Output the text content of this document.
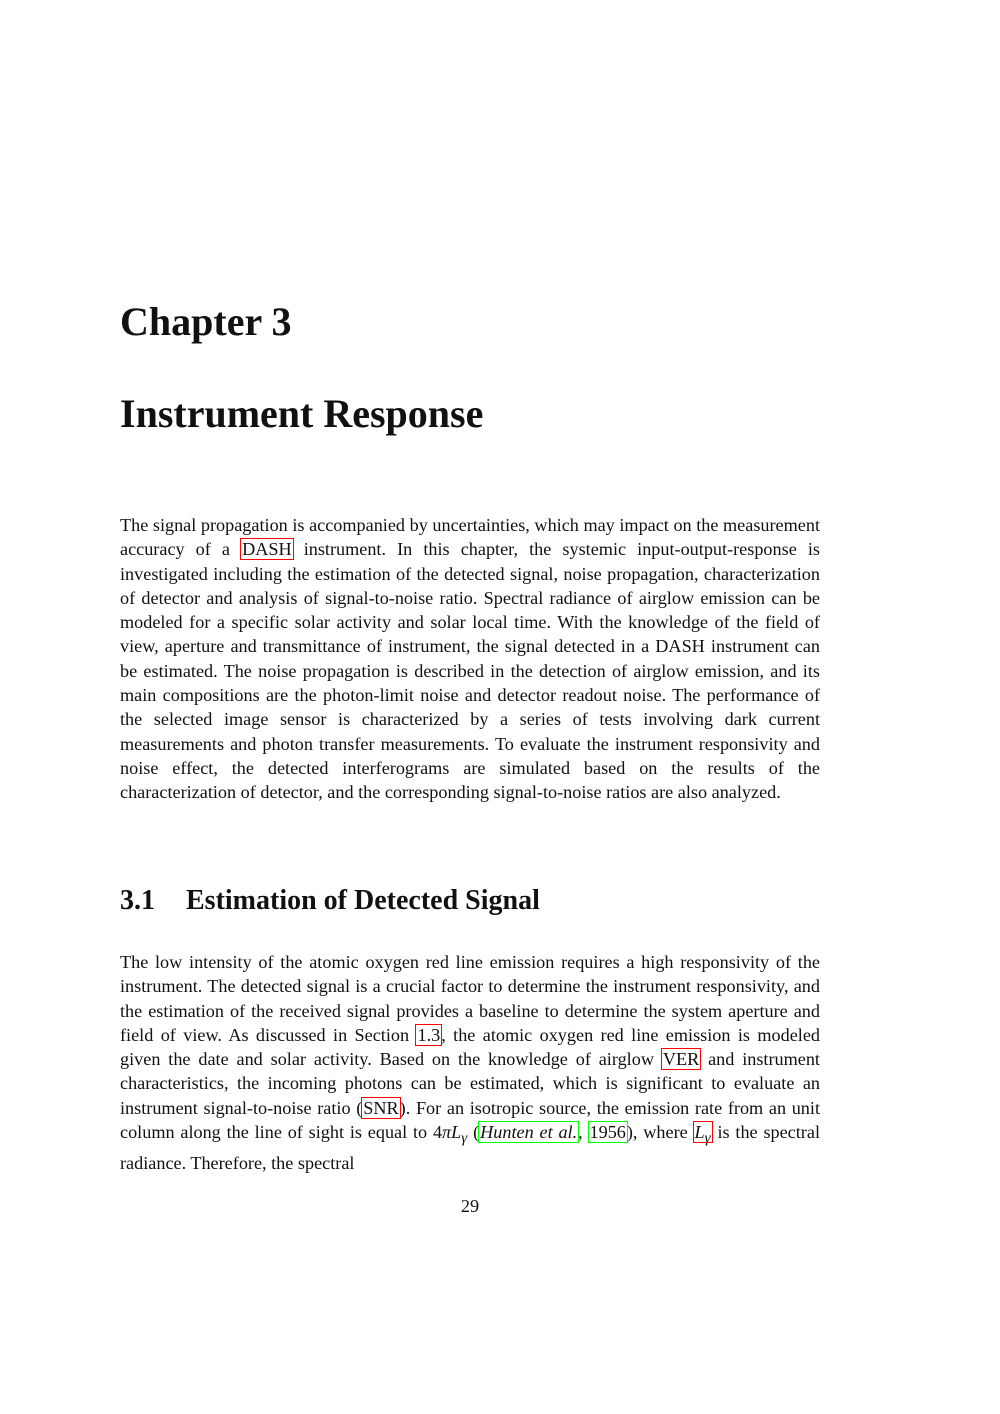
Chapter 3
Instrument Response

The signal propagation is accompanied by uncertainties, which may impact on the measurement accuracy of a DASH instrument. In this chapter, the systemic input-output-response is investigated including the estimation of the detected signal, noise propagation, characterization of detector and analysis of signal-to-noise ratio. Spectral radiance of airglow emission can be modeled for a specific solar activity and solar local time. With the knowledge of the field of view, aperture and transmittance of instrument, the signal detected in a DASH instrument can be estimated. The noise propagation is described in the detection of airglow emission, and its main compositions are the photon-limit noise and detector readout noise. The performance of the selected image sensor is characterized by a series of tests involving dark current measurements and photon transfer measurements. To evaluate the instrument responsivity and noise effect, the detected interferograms are simulated based on the results of the characterization of detector, and the corresponding signal-to-noise ratios are also analyzed.

3.1 Estimation of Detected Signal

The low intensity of the atomic oxygen red line emission requires a high responsivity of the instrument. The detected signal is a crucial factor to determine the instrument responsivity, and the estimation of the received signal provides a baseline to determine the system aperture and field of view. As discussed in Section 1.3, the atomic oxygen red line emission is modeled given the date and solar activity. Based on the knowledge of airglow VER and instrument characteristics, the incoming photons can be estimated, which is significant to evaluate an instrument signal-to-noise ratio (SNR). For an isotropic source, the emission rate from an unit column along the line of sight is equal to $4\pi L_\gamma$ (Hunten et al., 1956), where $L_\gamma$ is the spectral radiance. Therefore, the spectral

29
